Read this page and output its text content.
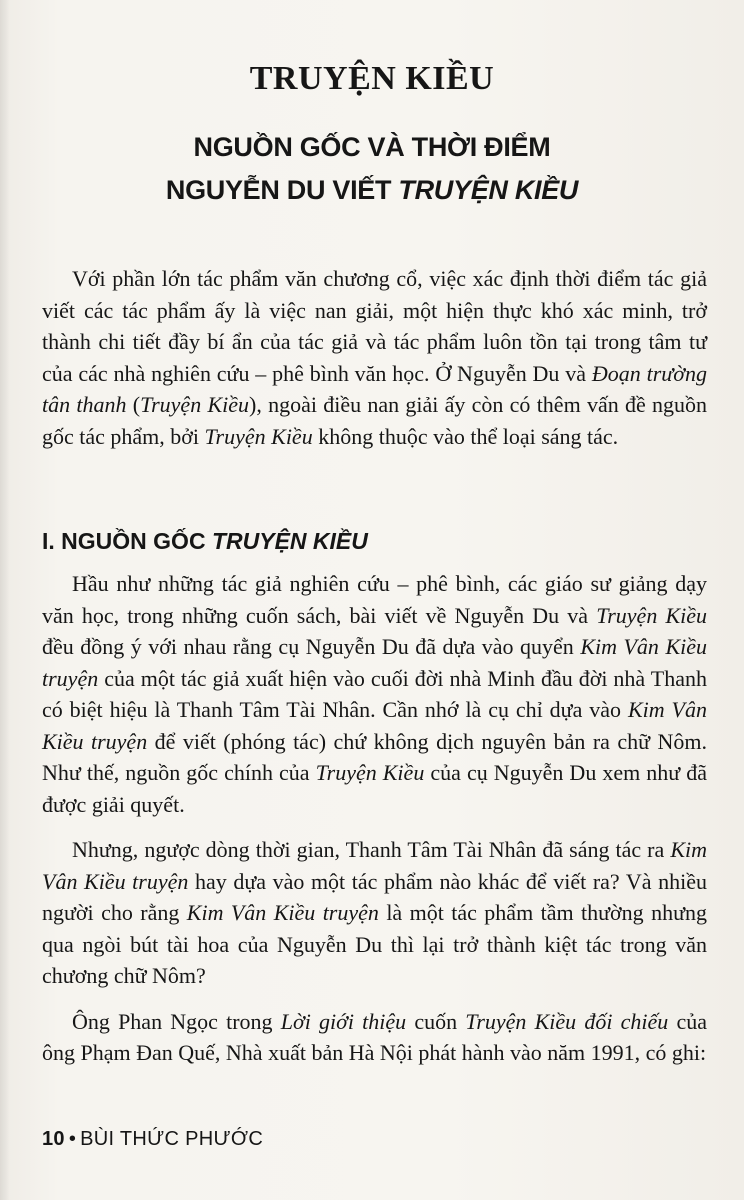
TRUYỆN KIỀU
NGUỒN GỐC VÀ THỜI ĐIỂM
NGUYỄN DU VIẾT TRUYỆN KIỀU

Với phần lớn tác phẩm văn chương cổ, việc xác định thời điểm tác giả viết các tác phẩm ấy là việc nan giải, một hiện thực khó xác minh, trở thành chi tiết đầy bí ẩn của tác giả và tác phẩm luôn tồn tại trong tâm tư của các nhà nghiên cứu – phê bình văn học. Ở Nguyễn Du và Đoạn trường tân thanh (Truyện Kiều), ngoài điều nan giải ấy còn có thêm vấn đề nguồn gốc tác phẩm, bởi Truyện Kiều không thuộc vào thể loại sáng tác.

I. NGUỒN GỐC TRUYỆN KIỀU

Hầu như những tác giả nghiên cứu – phê bình, các giáo sư giảng dạy văn học, trong những cuốn sách, bài viết về Nguyễn Du và Truyện Kiều đều đồng ý với nhau rằng cụ Nguyễn Du đã dựa vào quyển Kim Vân Kiều truyện của một tác giả xuất hiện vào cuối đời nhà Minh đầu đời nhà Thanh có biệt hiệu là Thanh Tâm Tài Nhân. Cần nhớ là cụ chỉ dựa vào Kim Vân Kiều truyện để viết (phóng tác) chứ không dịch nguyên bản ra chữ Nôm. Như thế, nguồn gốc chính của Truyện Kiều của cụ Nguyễn Du xem như đã được giải quyết.

Nhưng, ngược dòng thời gian, Thanh Tâm Tài Nhân đã sáng tác ra Kim Vân Kiều truyện hay dựa vào một tác phẩm nào khác để viết ra? Và nhiều người cho rằng Kim Vân Kiều truyện là một tác phẩm tầm thường nhưng qua ngòi bút tài hoa của Nguyễn Du thì lại trở thành kiệt tác trong văn chương chữ Nôm?

Ông Phan Ngọc trong Lời giới thiệu cuốn Truyện Kiều đối chiếu của ông Phạm Đan Quế, Nhà xuất bản Hà Nội phát hành vào năm 1991, có ghi:

10 • BÙI THỨC PHƯỚC
